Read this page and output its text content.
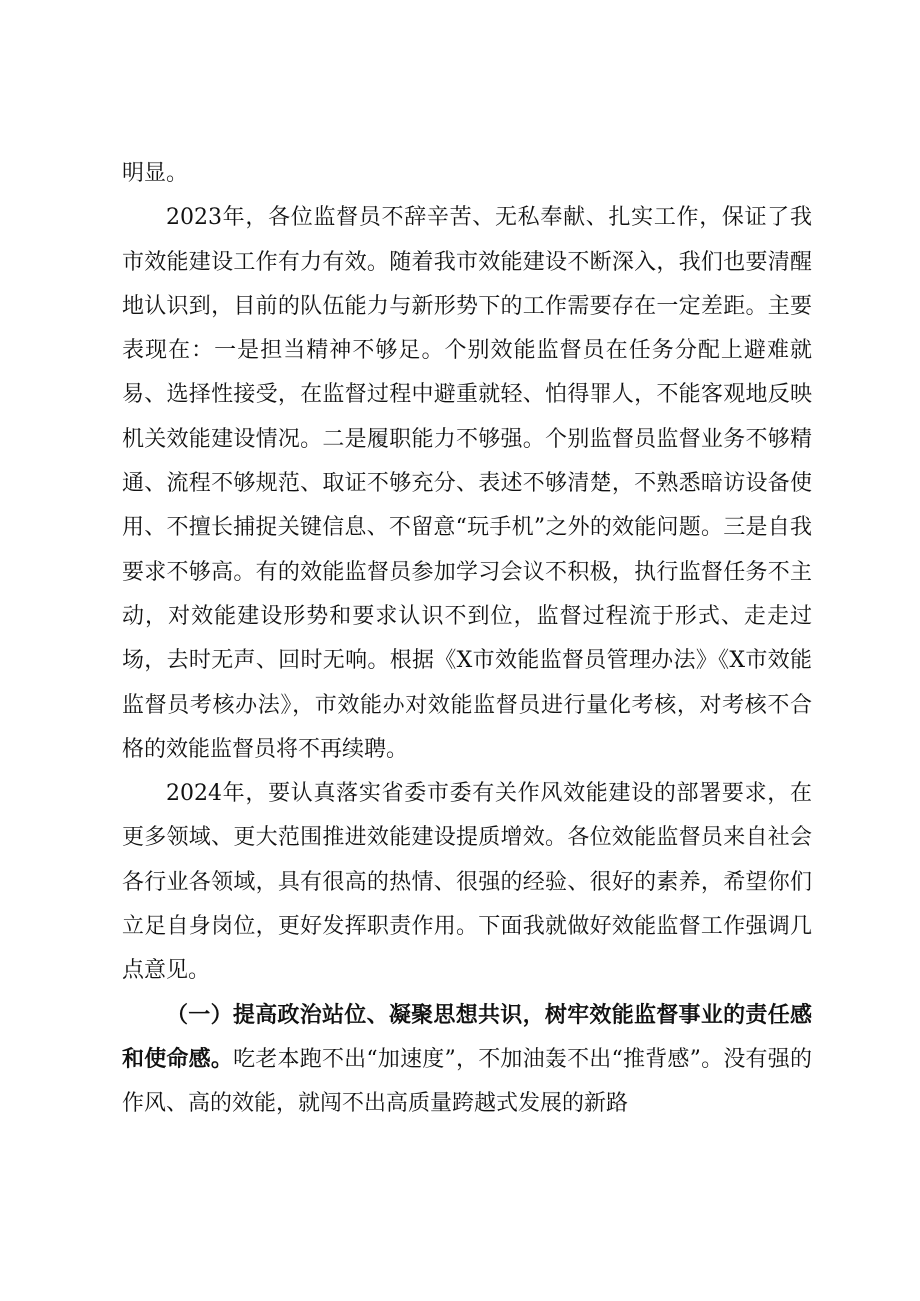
明显。

2023年，各位监督员不辞辛苦、无私奉献、扎实工作，保证了我市效能建设工作有力有效。随着我市效能建设不断深入，我们也要清醒地认识到，目前的队伍能力与新形势下的工作需要存在一定差距。主要表现在：一是担当精神不够足。个别效能监督员在任务分配上避难就易、选择性接受，在监督过程中避重就轻、怕得罪人，不能客观地反映机关效能建设情况。二是履职能力不够强。个别监督员监督业务不够精通、流程不够规范、取证不够充分、表述不够清楚，不熟悉暗访设备使用、不擅长捕捉关键信息、不留意“玩手机”之外的效能问题。三是自我要求不够高。有的效能监督员参加学习会议不积极，执行监督任务不主动，对效能建设形势和要求认识不到位，监督过程流于形式、走走过场，去时无声、回时无响。根据《X市效能监督员管理办法》《X市效能监督员考核办法》，市效能办对效能监督员进行量化考核，对考核不合格的效能监督员将不再续聘。

2024年，要认真落实省委市委有关作风效能建设的部署要求，在更多领域、更大范围推进效能建设提质增效。各位效能监督员来自社会各行业各领域，具有很高的热情、很强的经验、很好的素养，希望你们立足自身岗位，更好发挥职责作用。下面我就做好效能监督工作强调几点意见。

（一）提高政治站位、凝聚思想共识，树牢效能监督事业的责任感和使命感。吃老本跑不出“加速度”，不加油轰不出“推背感”。没有强的作风、高的效能，就闯不出高质量跨越式发展的新路
